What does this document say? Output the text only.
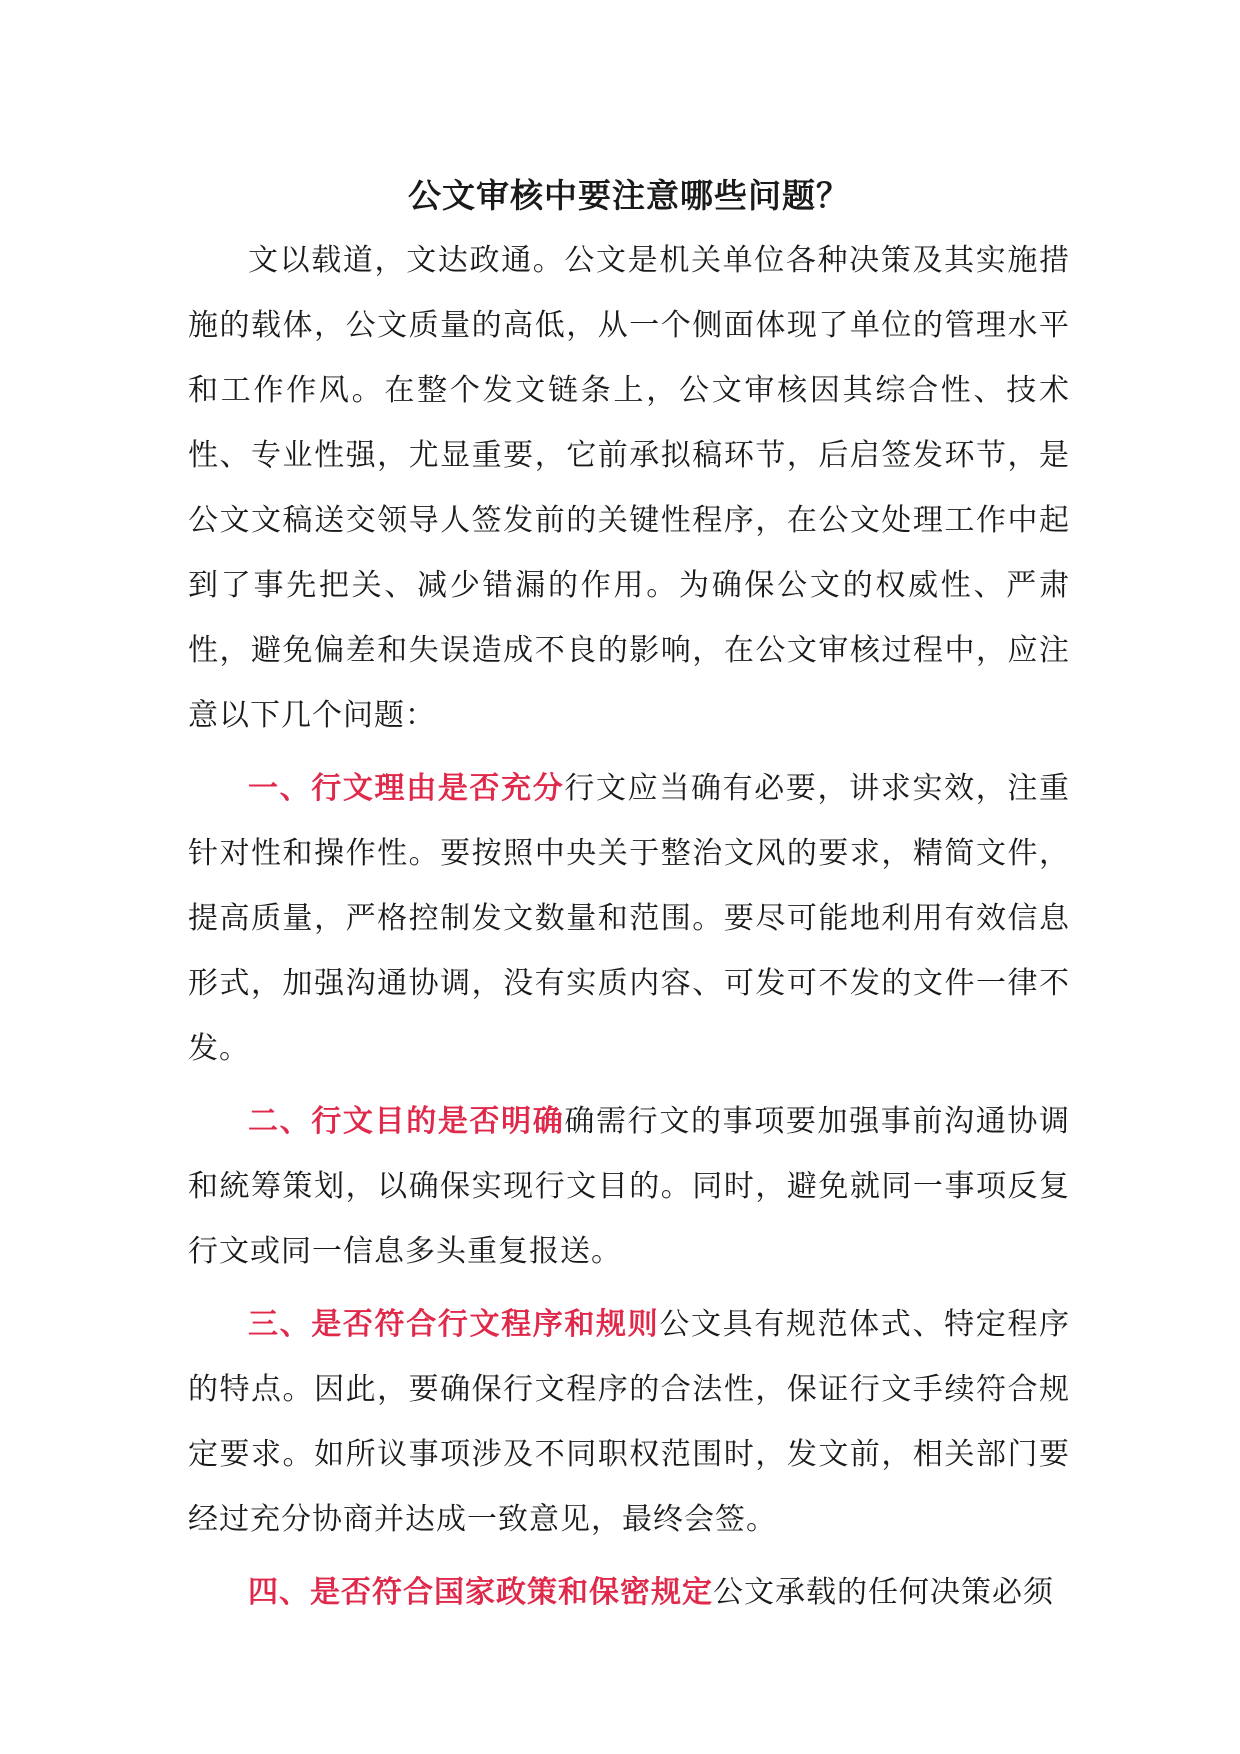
公文审核中要注意哪些问题？

文以载道，文达政通。公文是机关单位各种决策及其实施措施的载体，公文质量的高低，从一个侧面体现了单位的管理水平和工作作风。在整个发文链条上，公文审核因其综合性、技术性、专业性强，尤显重要，它前承拟稿环节，后启签发环节，是公文文稿送交领导人签发前的关键性程序，在公文处理工作中起到了事先把关、减少错漏的作用。为确保公文的权威性、严肃性，避免偏差和失误造成不良的影响，在公文审核过程中，应注意以下几个问题：

一、行文理由是否充分行文应当确有必要，讲求实效，注重针对性和操作性。要按照中央关于整治文风的要求，精简文件，提高质量，严格控制发文数量和范围。要尽可能地利用有效信息形式，加强沟通协调，没有实质内容、可发可不发的文件一律不发。

二、行文目的是否明确确需行文的事项要加强事前沟通协调和統筹策划，以确保实现行文目的。同时，避免就同一事项反复行文或同一信息多头重复报送。

三、是否符合行文程序和规则公文具有规范体式、特定程序的特点。因此，要确保行文程序的合法性，保证行文手续符合规定要求。如所议事项涉及不同职权范围时，发文前，相关部门要经过充分协商并达成一致意见，最终会签。

四、是否符合国家政策和保密规定公文承载的任何决策必须
